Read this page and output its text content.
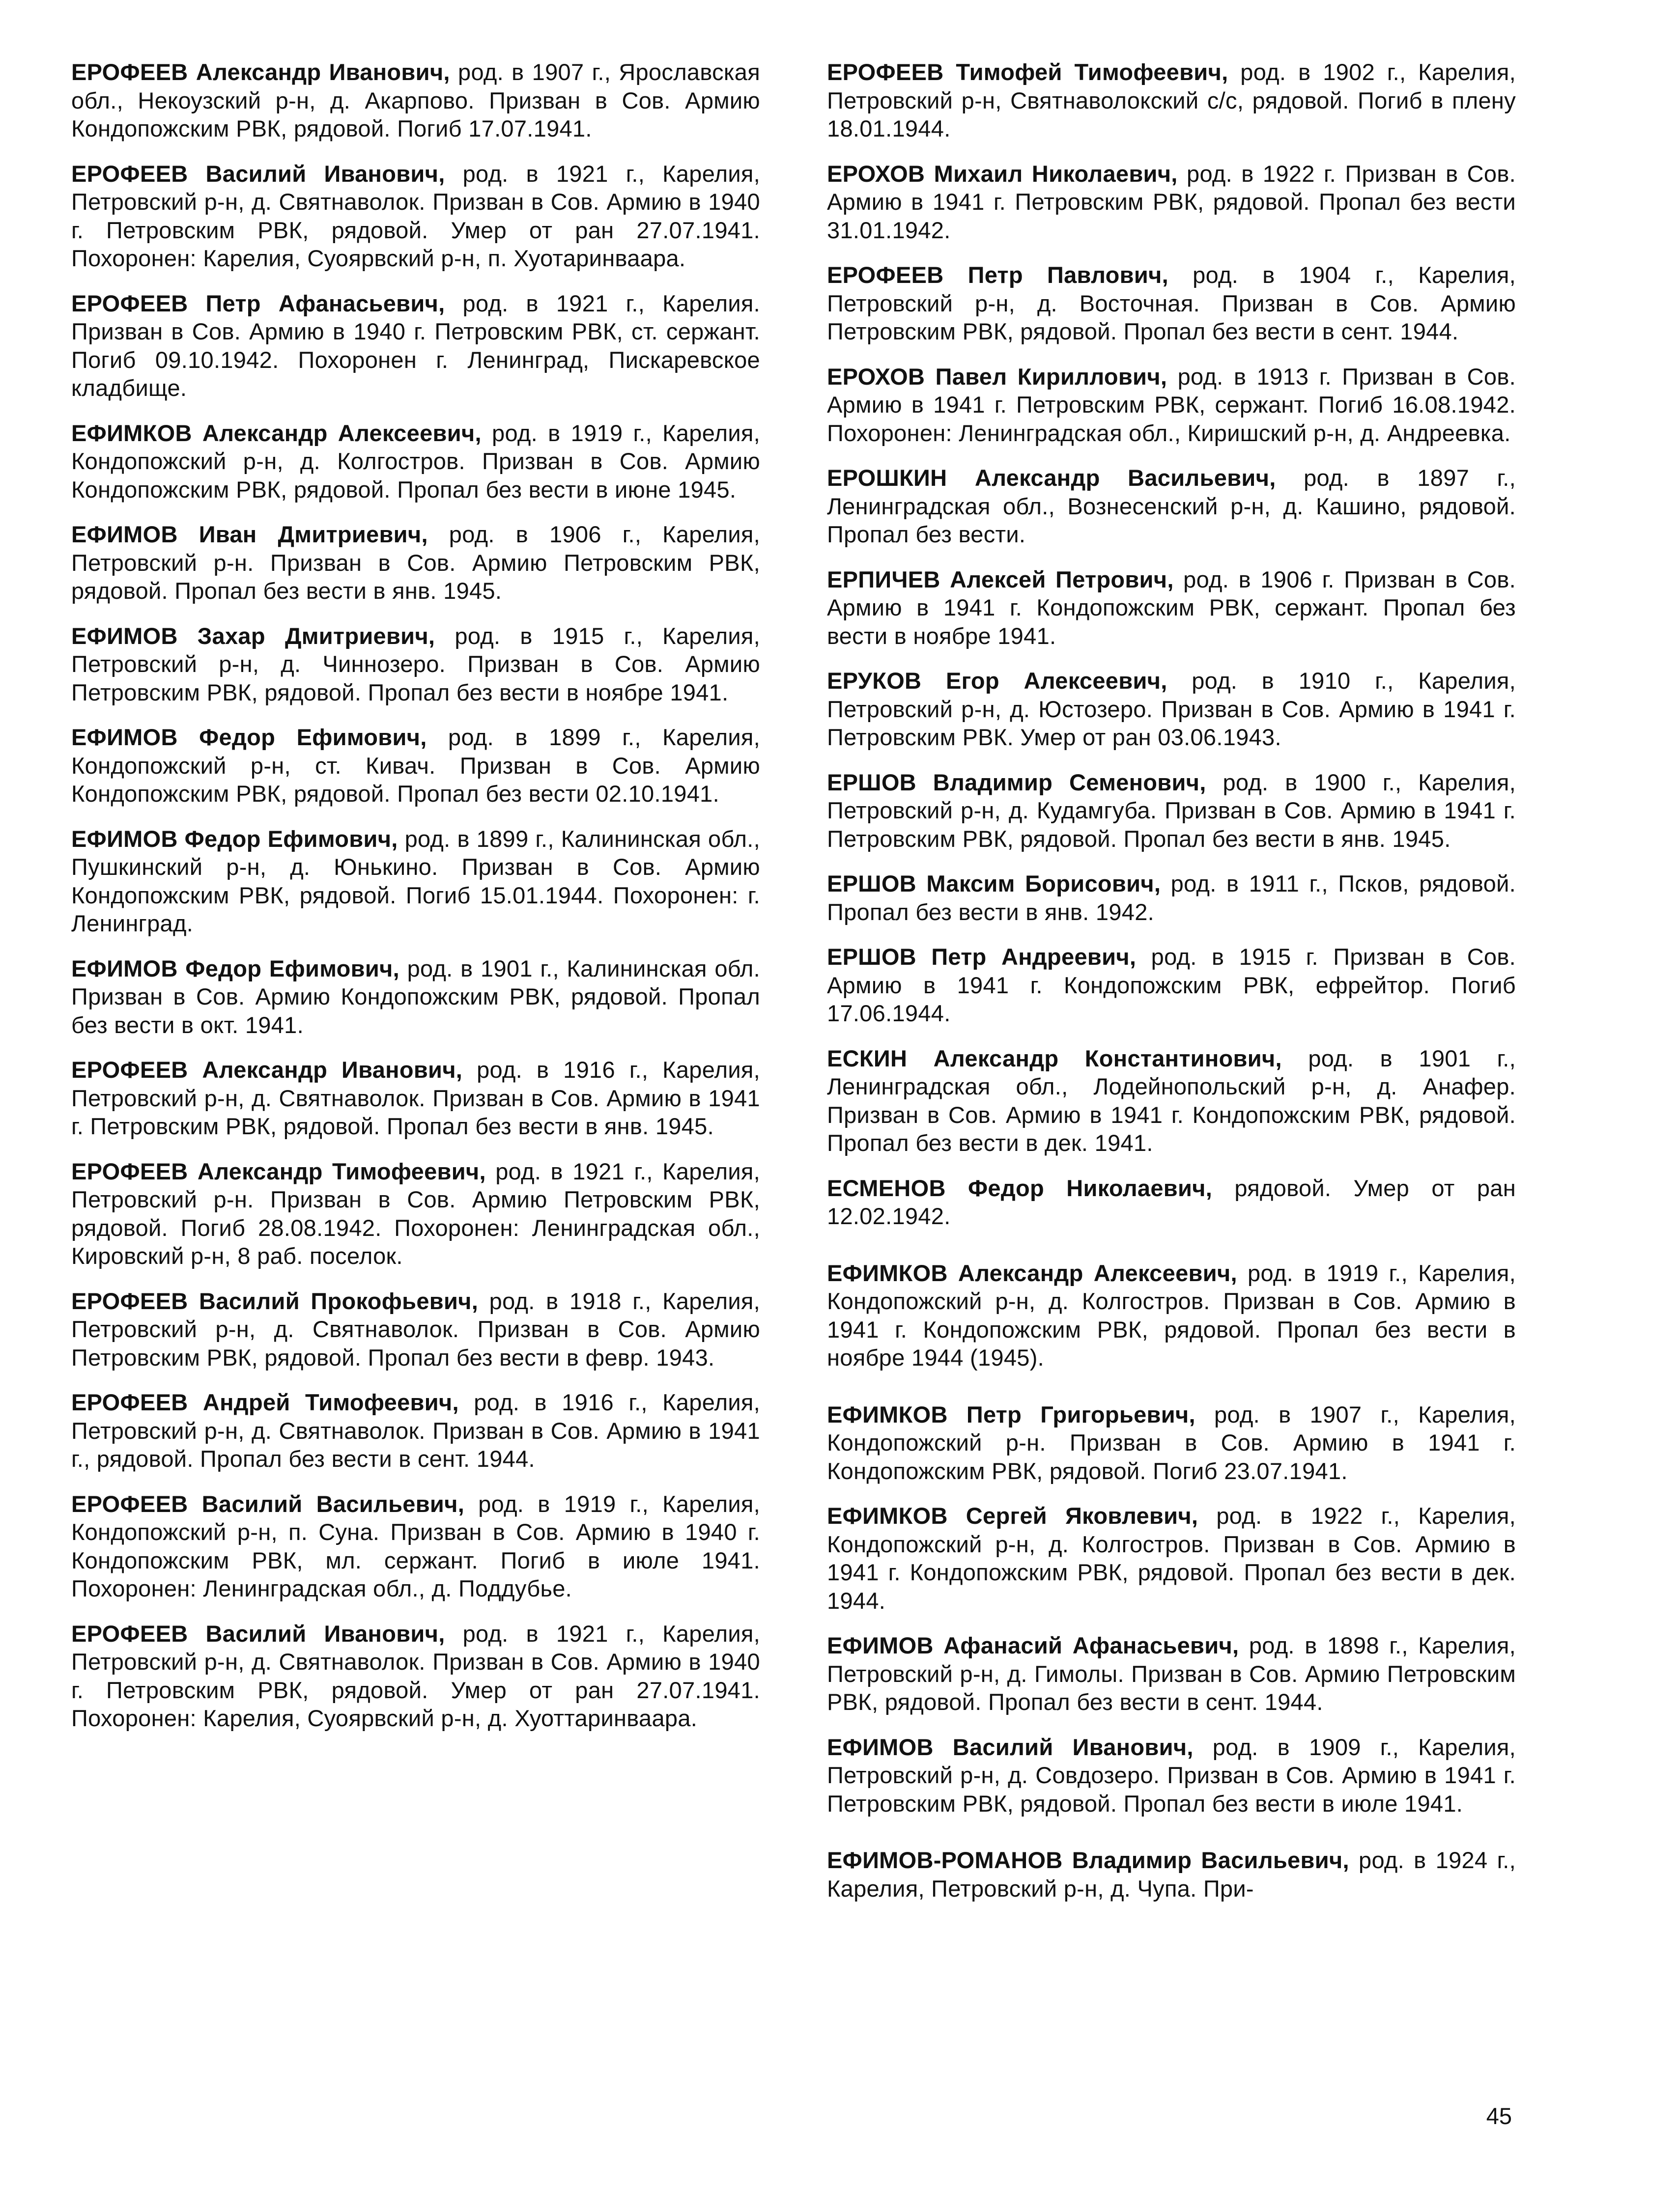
ЕРОФЕЕВ Александр Иванович, род. в 1907 г., Ярославская обл., Некоузский р-н, д. Акарпово. Призван в Сов. Армию Кондопожским РВК, рядовой. Погиб 17.07.1941.

ЕРОФЕЕВ Василий Иванович, род. в 1921 г., Карелия, Петровский р-н, д. Святнаволок. Призван в Сов. Армию в 1940 г. Петровским РВК, рядовой. Умер от ран 27.07.1941. Похоронен: Карелия, Суоярвский р-н, п. Хуотаринваара.

ЕРОФЕЕВ Петр Афанасьевич, род. в 1921 г., Карелия. Призван в Сов. Армию в 1940 г. Петровским РВК, ст. сержант. Погиб 09.10.1942. Похоронен г. Ленинград, Пискаревское кладбище.

ЕФИМКОВ Александр Алексеевич, род. в 1919 г., Карелия, Кондопожский р-н, д. Колгостров. Призван в Сов. Армию Кондопожским РВК, рядовой. Пропал без вести в июне 1945.

ЕФИМОВ Иван Дмитриевич, род. в 1906 г., Карелия, Петровский р-н. Призван в Сов. Армию Петровским РВК, рядовой. Пропал без вести в янв. 1945.

ЕФИМОВ Захар Дмитриевич, род. в 1915 г., Карелия, Петровский р-н, д. Чиннозеро. Призван в Сов. Армию Петровским РВК, рядовой. Пропал без вести в ноябре 1941.

ЕФИМОВ Федор Ефимович, род. в 1899 г., Карелия, Кондопожский р-н, ст. Кивач. Призван в Сов. Армию Кондопожским РВК, рядовой. Пропал без вести 02.10.1941.

ЕФИМОВ Федор Ефимович, род. в 1899 г., Калининская обл., Пушкинский р-н, д. Юнькино. Призван в Сов. Армию Кондопожским РВК, рядовой. Погиб 15.01.1944. Похоронен: г. Ленинград.

ЕФИМОВ Федор Ефимович, род. в 1901 г., Калининская обл. Призван в Сов. Армию Кондопожским РВК, рядовой. Пропал без вести в окт. 1941.

ЕРОФЕЕВ Александр Иванович, род. в 1916 г., Карелия, Петровский р-н, д. Святнаволок. Призван в Сов. Армию в 1941 г. Петровским РВК, рядовой. Пропал без вести в янв. 1945.

ЕРОФЕЕВ Александр Тимофеевич, род. в 1921 г., Карелия, Петровский р-н. Призван в Сов. Армию Петровским РВК, рядовой. Погиб 28.08.1942. Похоронен: Ленинградская обл., Кировский р-н, 8 раб. поселок.

ЕРОФЕЕВ Василий Прокофьевич, род. в 1918 г., Карелия, Петровский р-н, д. Святнаволок. Призван в Сов. Армию Петровским РВК, рядовой. Пропал без вести в февр. 1943.

ЕРОФЕЕВ Андрей Тимофеевич, род. в 1916 г., Карелия, Петровский р-н, д. Святнаволок. Призван в Сов. Армию в 1941 г., рядовой. Пропал без вести в сент. 1944.

ЕРОФЕЕВ Василий Васильевич, род. в 1919 г., Карелия, Кондопожский р-н, п. Суна. Призван в Сов. Армию в 1940 г. Кондопожским РВК, мл. сержант. Погиб в июле 1941. Похоронен: Ленинградская обл., д. Поддубье.

ЕРОФЕЕВ Василий Иванович, род. в 1921 г., Карелия, Петровский р-н, д. Святнаволок. Призван в Сов. Армию в 1940 г. Петровским РВК, рядовой. Умер от ран 27.07.1941. Похоронен: Карелия, Суоярвский р-н, д. Хуоттаринваара.

ЕРОФЕЕВ Тимофей Тимофеевич, род. в 1902 г., Карелия, Петровский р-н, Святнаволокский с/с, рядовой. Погиб в плену 18.01.1944.

ЕРОХОВ Михаил Николаевич, род. в 1922 г. Призван в Сов. Армию в 1941 г. Петровским РВК, рядовой. Пропал без вести 31.01.1942.

ЕРОФЕЕВ Петр Павлович, род. в 1904 г., Карелия, Петровский р-н, д. Восточная. Призван в Сов. Армию Петровским РВК, рядовой. Пропал без вести в сент. 1944.

ЕРОХОВ Павел Кириллович, род. в 1913 г. Призван в Сов. Армию в 1941 г. Петровским РВК, сержант. Погиб 16.08.1942. Похоронен: Ленинградская обл., Киришский р-н, д. Андреевка.

ЕРОШКИН Александр Васильевич, род. в 1897 г., Ленинградская обл., Вознесенский р-н, д. Кашино, рядовой. Пропал без вести.

ЕРПИЧЕВ Алексей Петрович, род. в 1906 г. Призван в Сов. Армию в 1941 г. Кондопожским РВК, сержант. Пропал без вести в ноябре 1941.

ЕРУКОВ Егор Алексеевич, род. в 1910 г., Карелия, Петровский р-н, д. Юстозеро. Призван в Сов. Армию в 1941 г. Петровским РВК. Умер от ран 03.06.1943.

ЕРШОВ Владимир Семенович, род. в 1900 г., Карелия, Петровский р-н, д. Кудамгуба. Призван в Сов. Армию в 1941 г. Петровским РВК, рядовой. Пропал без вести в янв. 1945.

ЕРШОВ Максим Борисович, род. в 1911 г., Псков, рядовой. Пропал без вести в янв. 1942.

ЕРШОВ Петр Андреевич, род. в 1915 г. Призван в Сов. Армию в 1941 г. Кондопожским РВК, ефрейтор. Погиб 17.06.1944.

ЕСКИН Александр Константинович, род. в 1901 г., Ленинградская обл., Лодейнопольский р-н, д. Анафер. Призван в Сов. Армию в 1941 г. Кондопожским РВК, рядовой. Пропал без вести в дек. 1941.

ЕСМЕНОВ Федор Николаевич, рядовой. Умер от ран 12.02.1942.

ЕФИМКОВ Александр Алексеевич, род. в 1919 г., Карелия, Кондопожский р-н, д. Колгостров. Призван в Сов. Армию в 1941 г. Кондопожским РВК, рядовой. Пропал без вести в ноябре 1944 (1945).

ЕФИМКОВ Петр Григорьевич, род. в 1907 г., Карелия, Кондопожский р-н. Призван в Сов. Армию в 1941 г. Кондопожским РВК, рядовой. Погиб 23.07.1941.

ЕФИМКОВ Сергей Яковлевич, род. в 1922 г., Карелия, Кондопожский р-н, д. Колгостров. Призван в Сов. Армию в 1941 г. Кондопожским РВК, рядовой. Пропал без вести в дек. 1944.

ЕФИМОВ Афанасий Афанасьевич, род. в 1898 г., Карелия, Петровский р-н, д. Гимолы. Призван в Сов. Армию Петровским РВК, рядовой. Пропал без вести в сент. 1944.

ЕФИМОВ Василий Иванович, род. в 1909 г., Карелия, Петровский р-н, д. Совдозеро. Призван в Сов. Армию в 1941 г. Петровским РВК, рядовой. Пропал без вести в июле 1941.

ЕФИМОВ-РОМАНОВ Владимир Васильевич, род. в 1924 г., Карелия, Петровский р-н, д. Чупа. При-

45
